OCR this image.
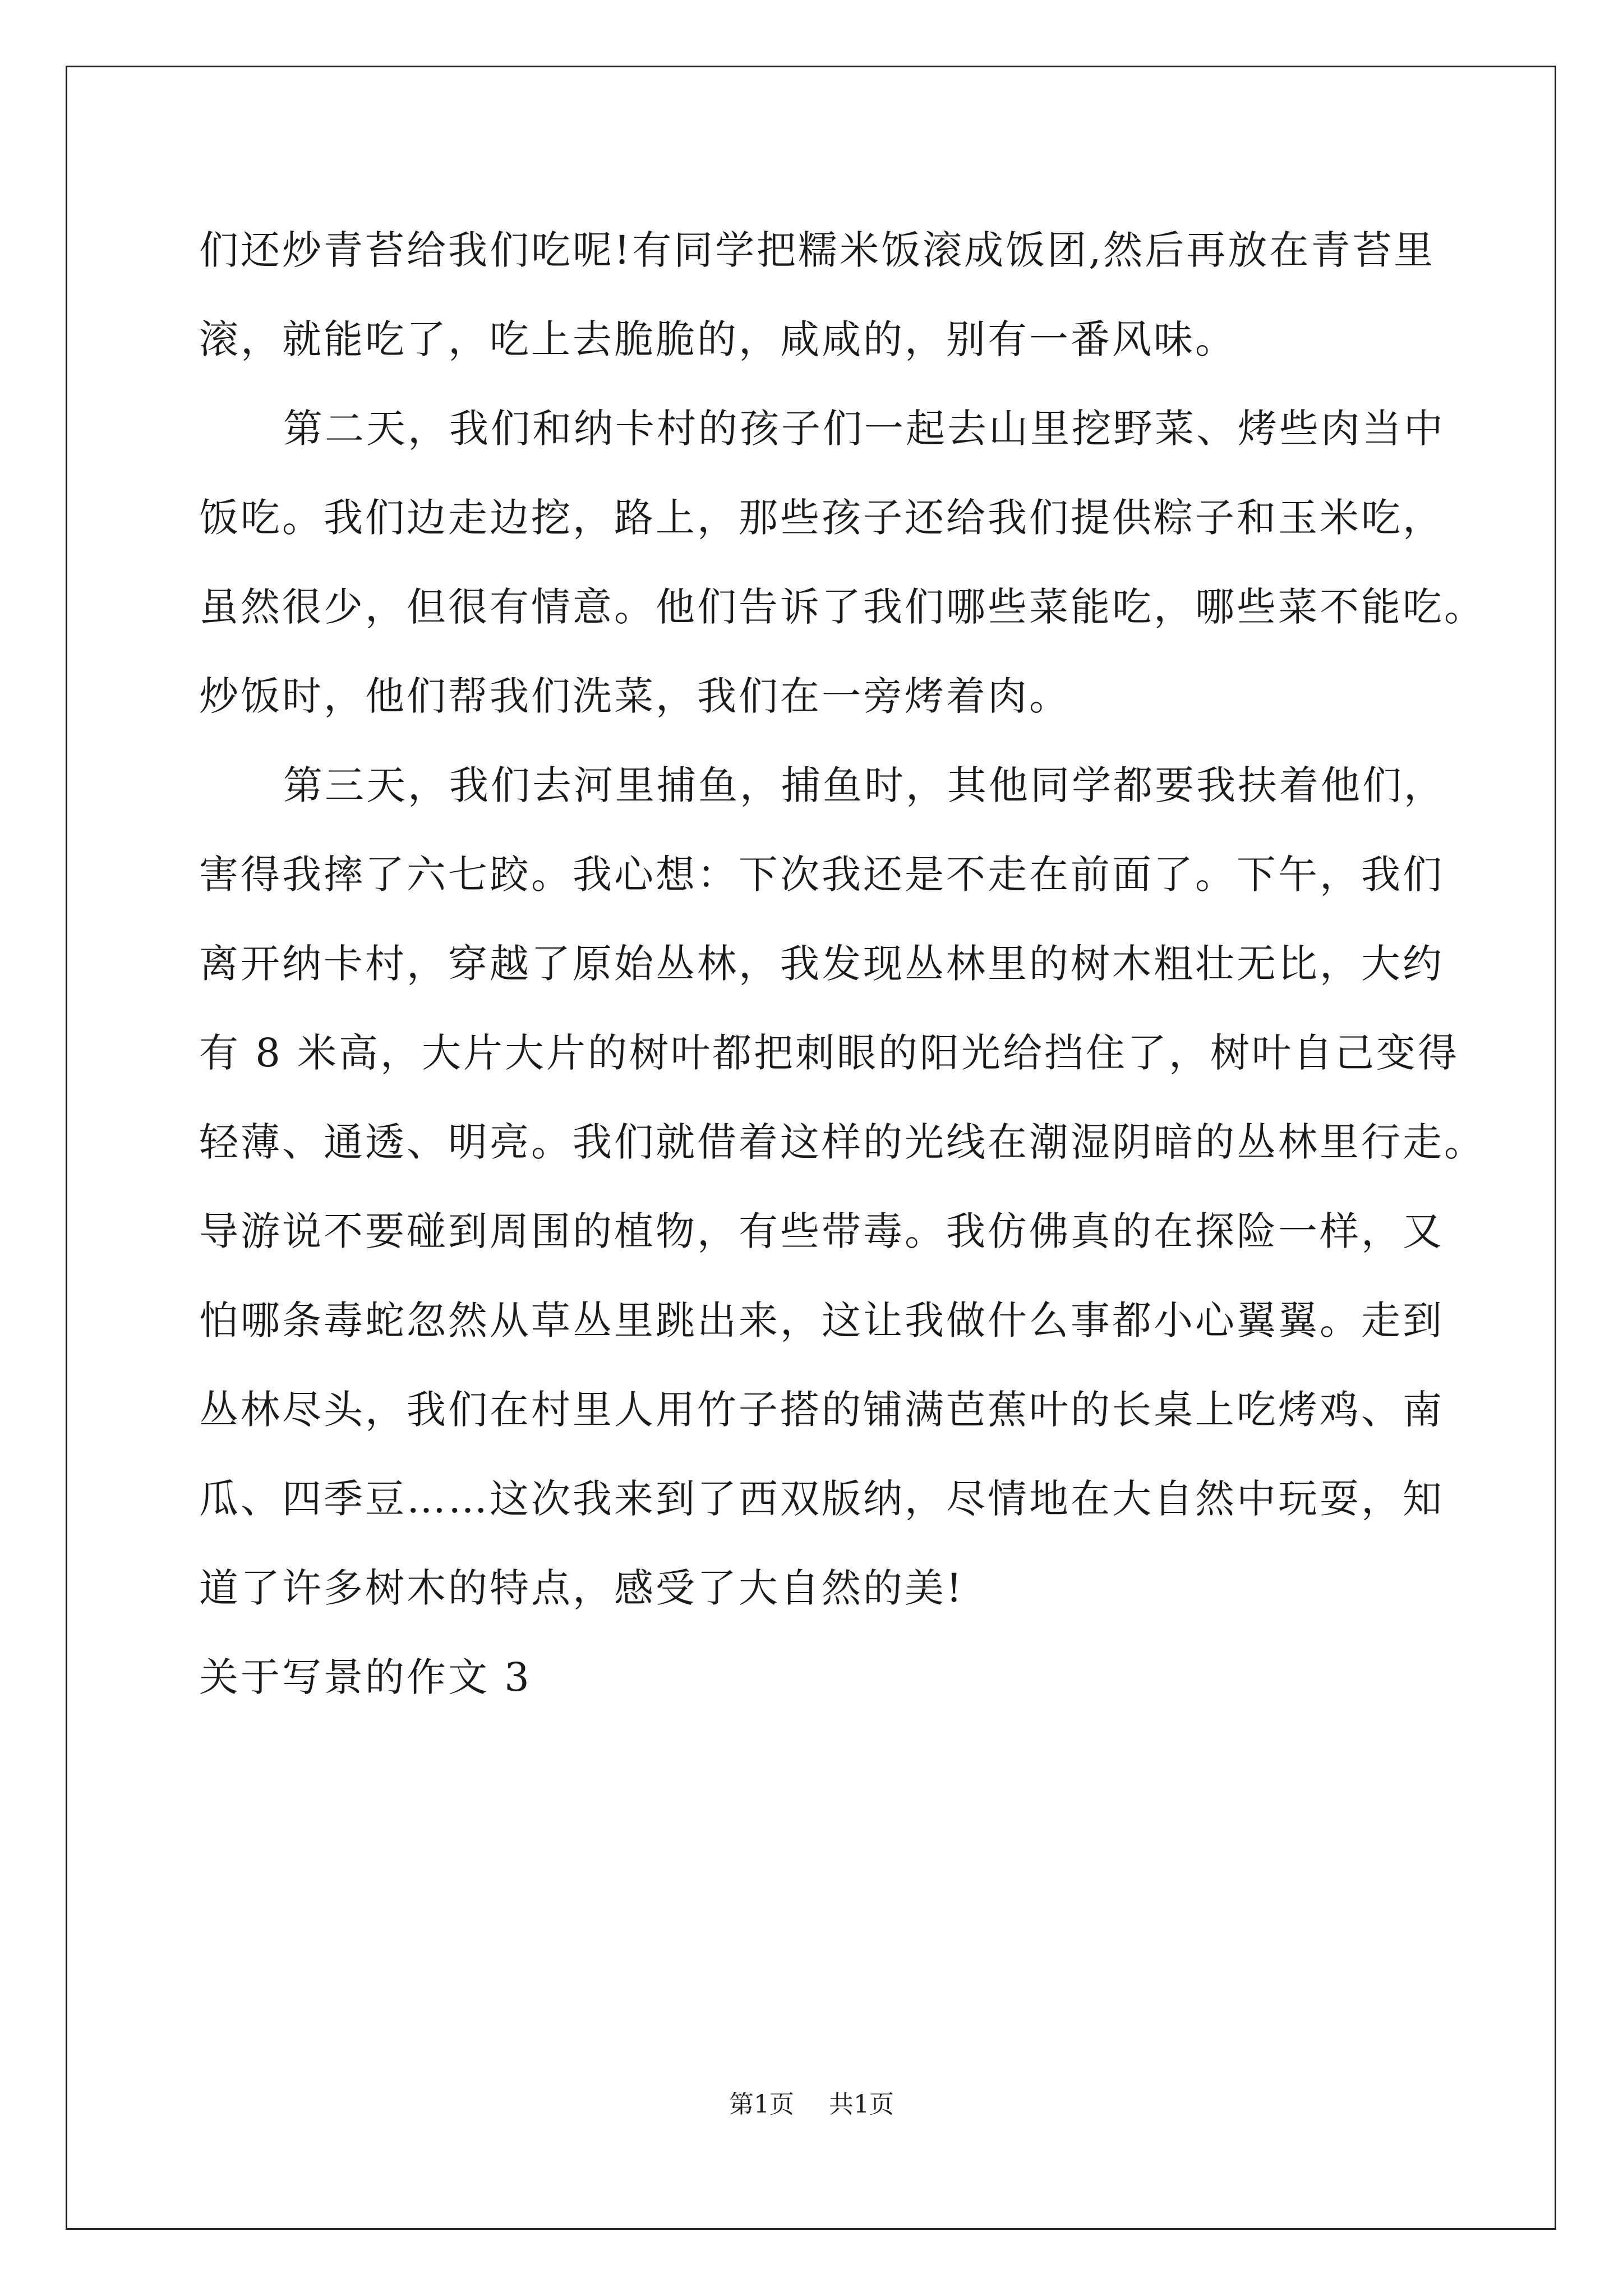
们还炒青苔给我们吃呢!有同学把糯米饭滚成饭团,然后再放在青苔里
滚，就能吃了，吃上去脆脆的，咸咸的，别有一番风味。
第二天，我们和纳卡村的孩子们一起去山里挖野菜、烤些肉当中
饭吃。我们边走边挖，路上，那些孩子还给我们提供粽子和玉米吃，
虽然很少，但很有情意。他们告诉了我们哪些菜能吃，哪些菜不能吃。
炒饭时，他们帮我们洗菜，我们在一旁烤着肉。
第三天，我们去河里捕鱼，捕鱼时，其他同学都要我扶着他们，
害得我摔了六七跤。我心想：下次我还是不走在前面了。下午，我们
离开纳卡村，穿越了原始丛林，我发现丛林里的树木粗壮无比，大约
有 8 米高，大片大片的树叶都把刺眼的阳光给挡住了，树叶自己变得
轻薄、通透、明亮。我们就借着这样的光线在潮湿阴暗的丛林里行走。
导游说不要碰到周围的植物，有些带毒。我仿佛真的在探险一样，又
怕哪条毒蛇忽然从草丛里跳出来，这让我做什么事都小心翼翼。走到
丛林尽头，我们在村里人用竹子搭的铺满芭蕉叶的长桌上吃烤鸡、南
瓜、四季豆……这次我来到了西双版纳，尽情地在大自然中玩耍，知
道了许多树木的特点，感受了大自然的美!
关于写景的作文 3
第1页 共1页
